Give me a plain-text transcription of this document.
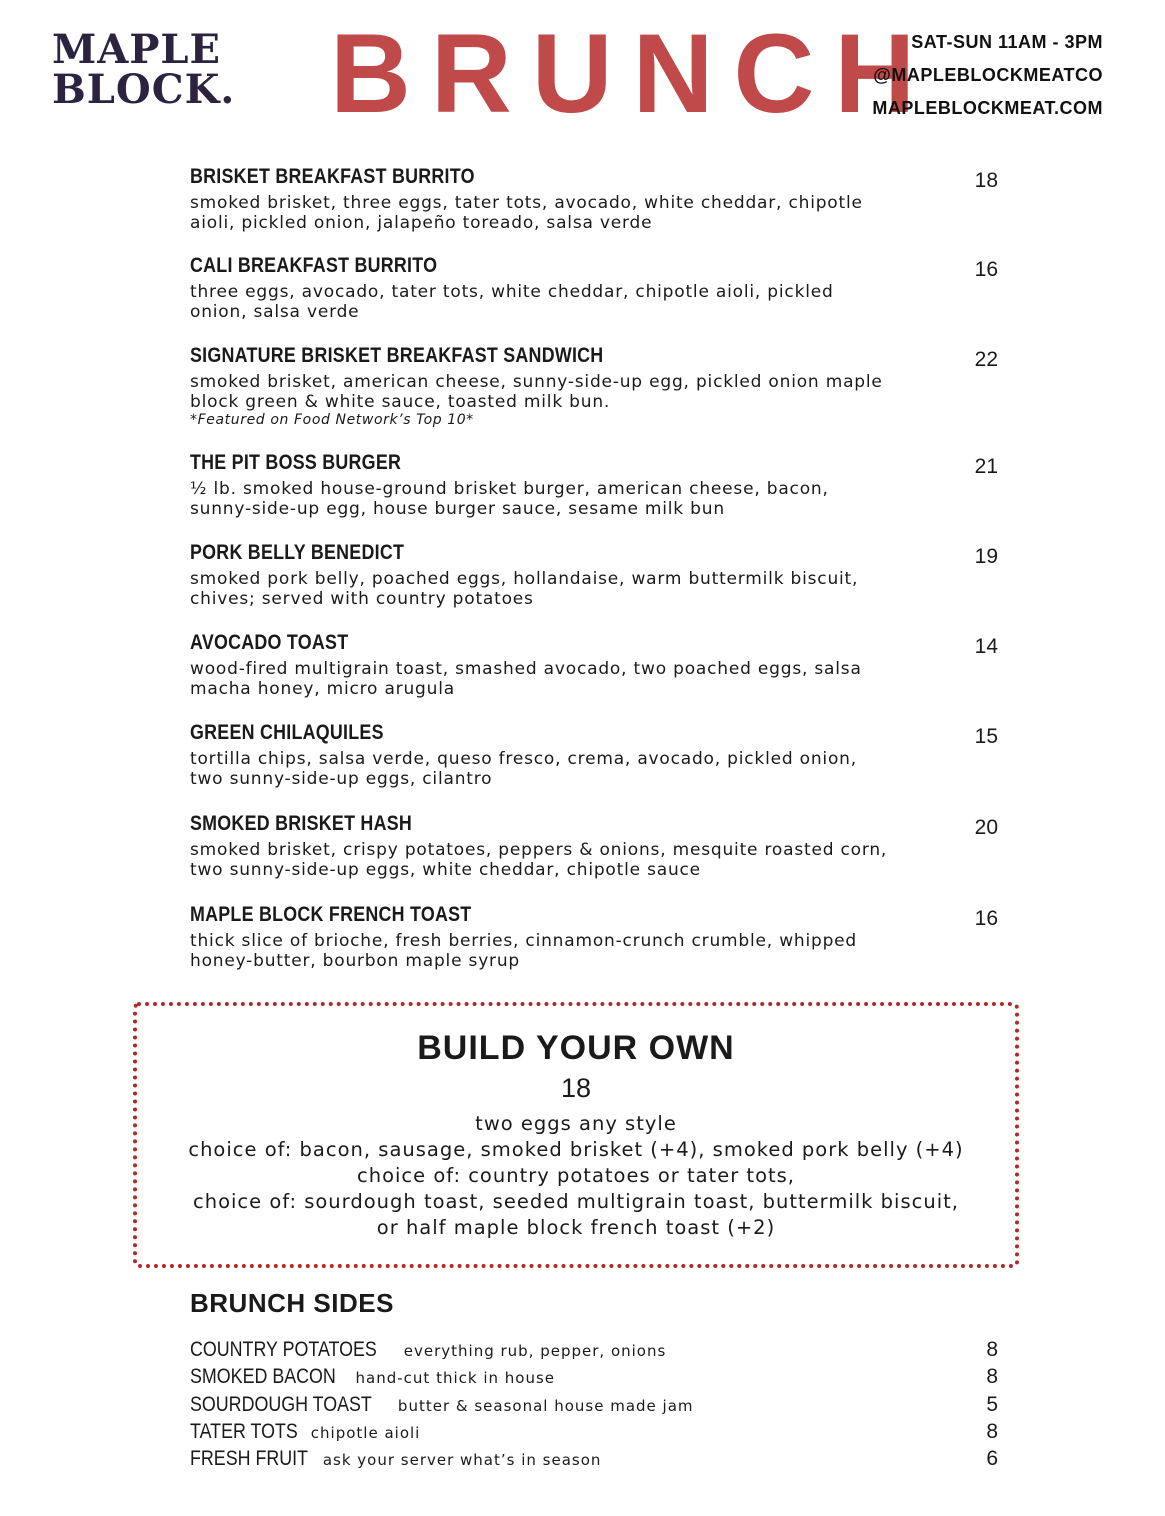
MAPLE
BLOCK. BRUNCH
SAT-SUN 11AM - 3PM
@MAPLEBLOCKMEATCO
MAPLEBLOCKMEAT.COM
BRISKET BREAKFAST BURRITO	18
smoked brisket, three eggs, tater tots, avocado, white cheddar, chipotle aioli, pickled onion, jalapeño toreado, salsa verde
CALI BREAKFAST BURRITO	16
three eggs, avocado, tater tots, white cheddar, chipotle aioli, pickled onion, salsa verde
SIGNATURE BRISKET BREAKFAST SANDWICH	22
smoked brisket, american cheese, sunny-side-up egg, pickled onion maple block green & white sauce, toasted milk bun.
*Featured on Food Network’s Top 10*
THE PIT BOSS BURGER	21
½ lb. smoked house-ground brisket burger, american cheese, bacon, sunny-side-up egg, house burger sauce, sesame milk bun
PORK BELLY BENEDICT	19
smoked pork belly, poached eggs, hollandaise, warm buttermilk biscuit, chives; served with country potatoes
AVOCADO TOAST	14
wood-fired multigrain toast, smashed avocado, two poached eggs, salsa macha honey, micro arugula
GREEN CHILAQUILES	15
tortilla chips, salsa verde, queso fresco, crema, avocado, pickled onion, two sunny-side-up eggs, cilantro
SMOKED BRISKET HASH	20
smoked brisket, crispy potatoes, peppers & onions, mesquite roasted corn, two sunny-side-up eggs, white cheddar, chipotle sauce
MAPLE BLOCK FRENCH TOAST	16
thick slice of brioche, fresh berries, cinnamon-crunch crumble, whipped honey-butter, bourbon maple syrup
BUILD YOUR OWN
18
two eggs any style
choice of: bacon, sausage, smoked brisket (+4), smoked pork belly (+4)
choice of: country potatoes or tater tots,
choice of: sourdough toast, seeded multigrain toast, buttermilk biscuit,
or half maple block french toast (+2)
BRUNCH SIDES
COUNTRY POTATOES everything rub, pepper, onions	8
SMOKED BACON hand-cut thick in house	8
SOURDOUGH TOAST butter & seasonal house made jam	5
TATER TOTS chipotle aioli	8
FRESH FRUIT ask your server what’s in season	6
